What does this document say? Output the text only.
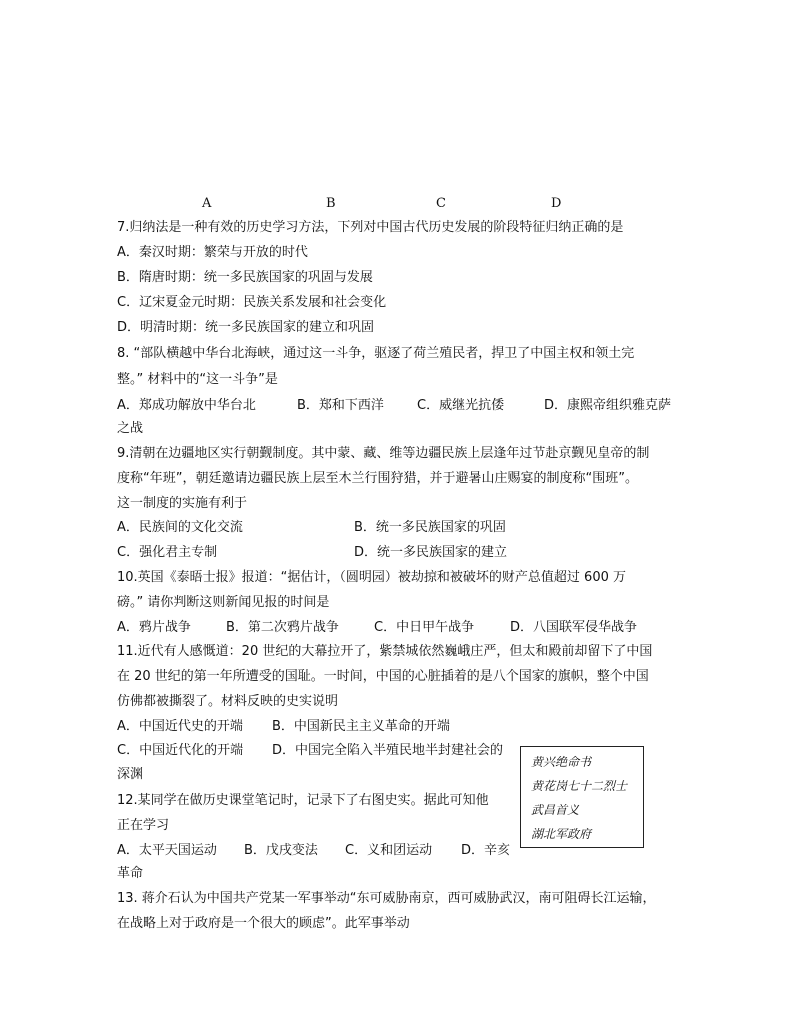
A	B	C	D
7.归纳法是一种有效的历史学习方法，下列对中国古代历史发展的阶段特征归纳正确的是
A．秦汉时期：繁荣与开放的时代
B．隋唐时期：统一多民族国家的巩固与发展
C．辽宋夏金元时期：民族关系发展和社会变化
D．明清时期：统一多民族国家的建立和巩固
8. “部队横越中华台北海峡，通过这一斗争，驱逐了荷兰殖民者，捍卫了中国主权和领土完
整。” 材料中的“这一斗争”是
A．郑成功解放中华台北	B．郑和下西洋	C．威继光抗倭	D．康熙帝组织雅克萨
之战
9.清朝在边疆地区实行朝觐制度。其中蒙、藏、维等边疆民族上层逢年过节赴京觐见皇帝的制
度称“年班”，朝廷邀请边疆民族上层至木兰行围狩猎，并于避暑山庄赐宴的制度称“围班”。
这一制度的实施有利于
A．民族间的文化交流	B．统一多民族国家的巩固
C．强化君主专制	D．统一多民族国家的建立
10.英国《泰晤士报》报道：“据估计，（圆明园）被劫掠和被破坏的财产总值超过 600 万
磅。” 请你判断这则新闻见报的时间是
A．鸦片战争	B．第二次鸦片战争	C．中日甲午战争	D．八国联军侵华战争
11.近代有人感慨道：20 世纪的大幕拉开了，紫禁城依然巍峨庄严，但太和殿前却留下了中国
在 20 世纪的第一年所遭受的国耻。一时间，中国的心脏插着的是八个国家的旗帜，整个中国
仿佛都被撕裂了。材料反映的史实说明
A．中国近代史的开端 B．中国新民主主义革命的开端
C．中国近代化的开端 D．中国完全陷入半殖民地半封建社会的
深渊
12.某同学在做历史课堂笔记时，记录下了右图史实。据此可知他
正在学习
A．太平天国运动 B．戊戌变法 C．义和团运动 D．辛亥
革命
黄兴绝命书
黄花岗七十二烈士
武昌首义
湖北军政府
13. 蒋介石认为中国共产党某一军事举动“东可威胁南京，西可威胁武汉，南可阻碍长江运输，
在战略上对于政府是一个很大的顾虑”。此军事举动
